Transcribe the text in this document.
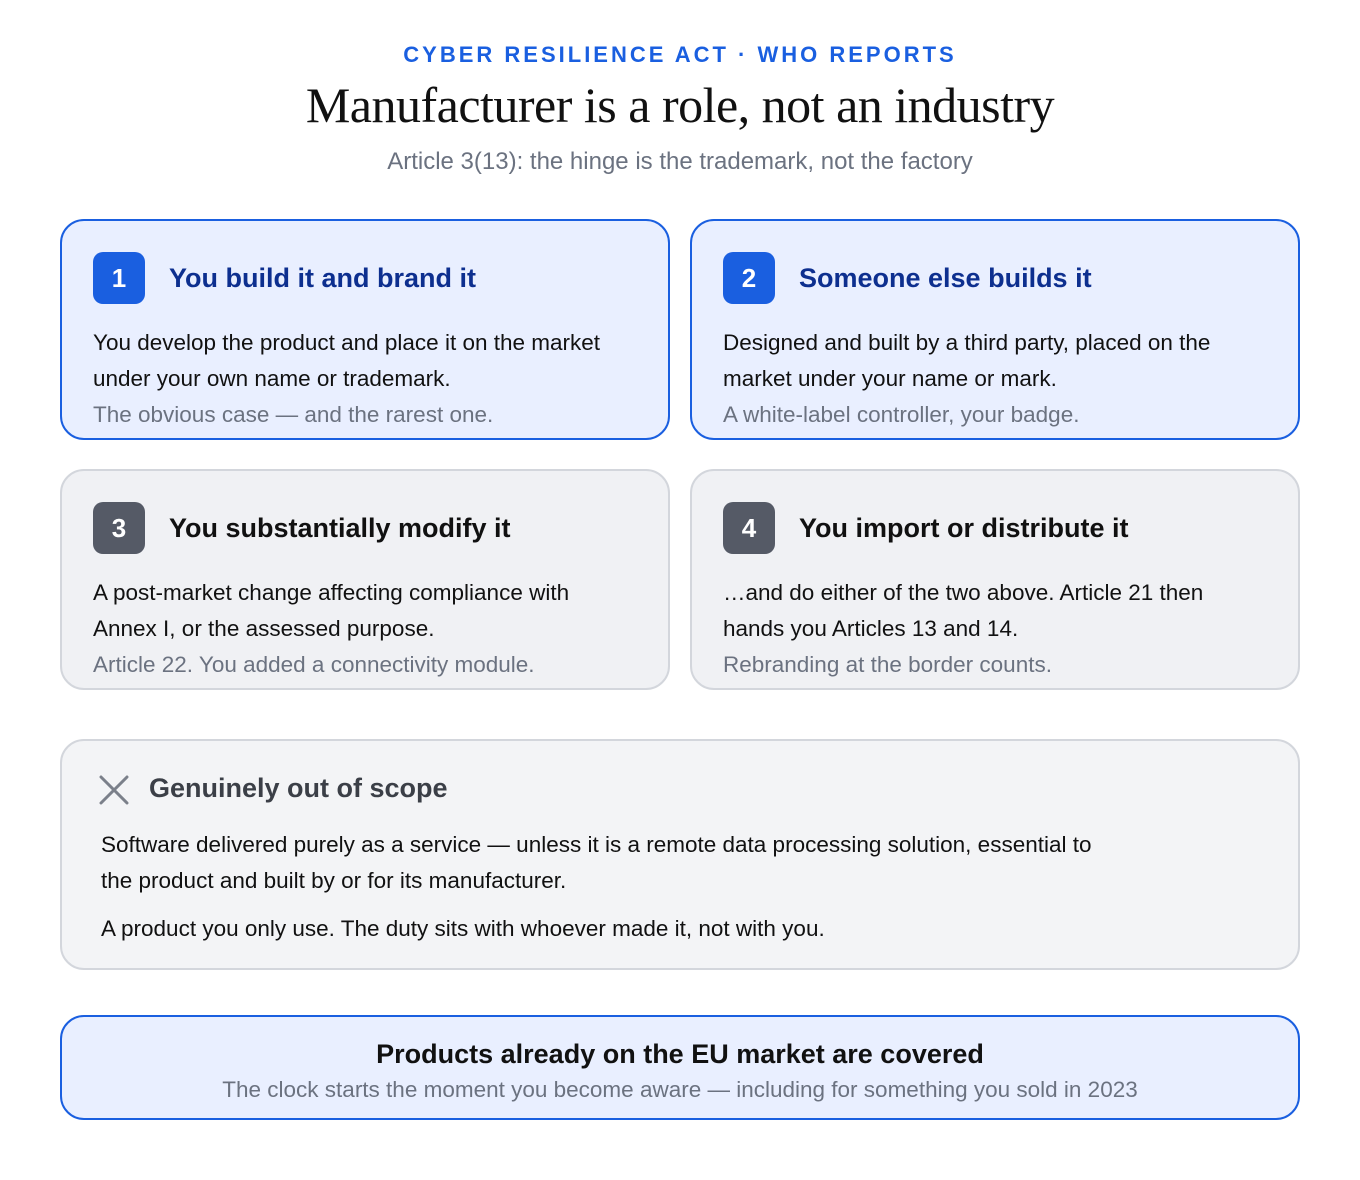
CYBER RESILIENCE ACT · WHO REPORTS
Manufacturer is a role, not an industry
Article 3(13): the hinge is the trademark, not the factory
1	You build it and brand it
You develop the product and place it on the market under your own name or trademark.
The obvious case — and the rarest one.
2	Someone else builds it
Designed and built by a third party, placed on the market under your name or mark.
A white-label controller, your badge.
3	You substantially modify it
A post-market change affecting compliance with Annex I, or the assessed purpose.
Article 22. You added a connectivity module.
4	You import or distribute it
…and do either of the two above. Article 21 then hands you Articles 13 and 14.
Rebranding at the border counts.
Genuinely out of scope
Software delivered purely as a service — unless it is a remote data processing solution, essential to the product and built by or for its manufacturer.
A product you only use. The duty sits with whoever made it, not with you.
Products already on the EU market are covered
The clock starts the moment you become aware — including for something you sold in 2023
